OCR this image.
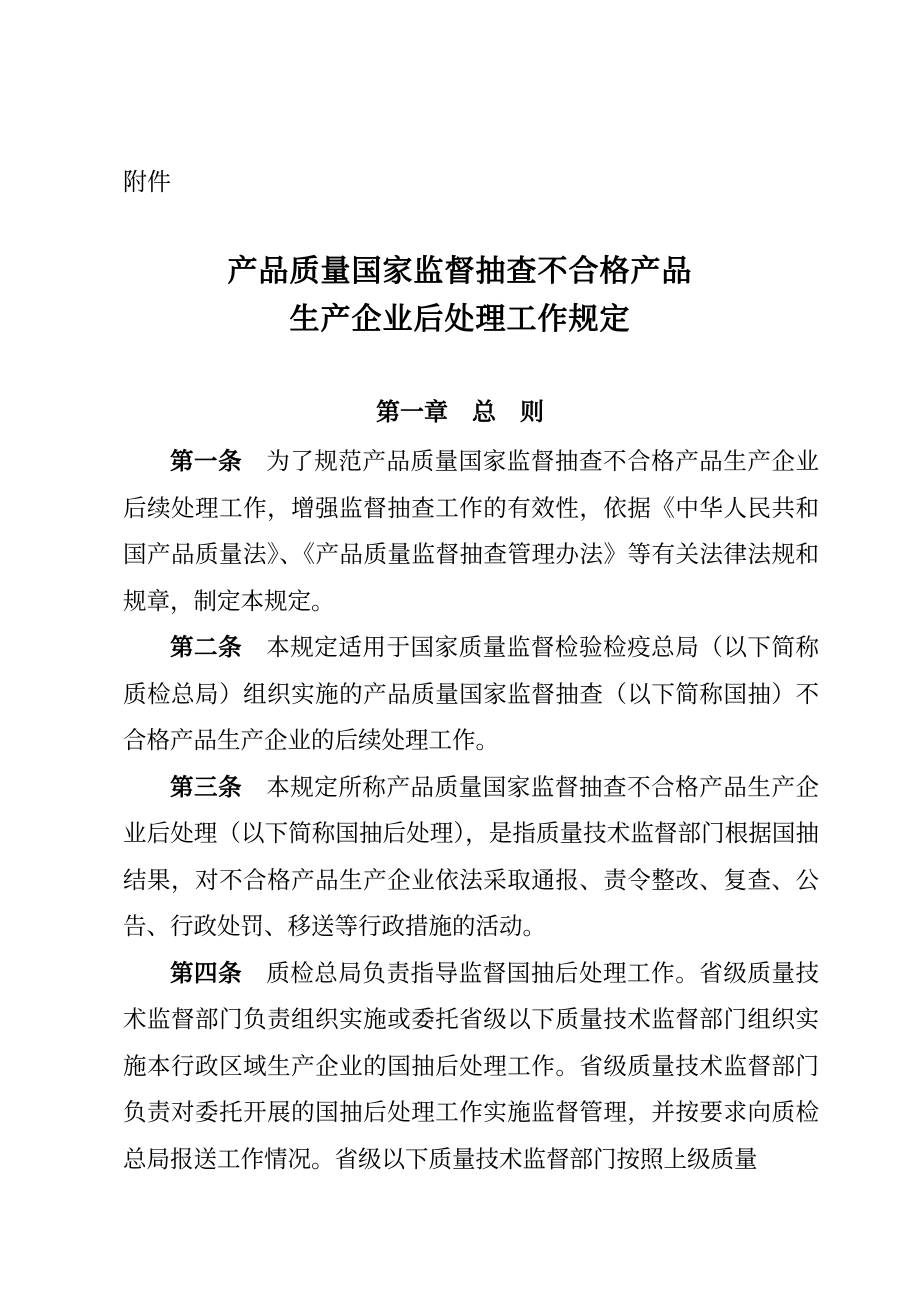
附件

产品质量国家监督抽查不合格产品
生产企业后处理工作规定
第一章　总　则

第一条 为了规范产品质量国家监督抽查不合格产品生产企业后续处理工作，增强监督抽查工作的有效性，依据《中华人民共和国产品质量法》、《产品质量监督抽查管理办法》等有关法律法规和规章，制定本规定。

第二条 本规定适用于国家质量监督检验检疫总局（以下简称质检总局）组织实施的产品质量国家监督抽查（以下简称国抽）不合格产品生产企业的后续处理工作。

第三条 本规定所称产品质量国家监督抽查不合格产品生产企业后处理（以下简称国抽后处理），是指质量技术监督部门根据国抽结果，对不合格产品生产企业依法采取通报、责令整改、复查、公告、行政处罚、移送等行政措施的活动。

第四条 质检总局负责指导监督国抽后处理工作。省级质量技术监督部门负责组织实施或委托省级以下质量技术监督部门组织实施本行政区域生产企业的国抽后处理工作。省级质量技术监督部门负责对委托开展的国抽后处理工作实施监督管理，并按要求向质检总局报送工作情况。省级以下质量技术监督部门按照上级质量
